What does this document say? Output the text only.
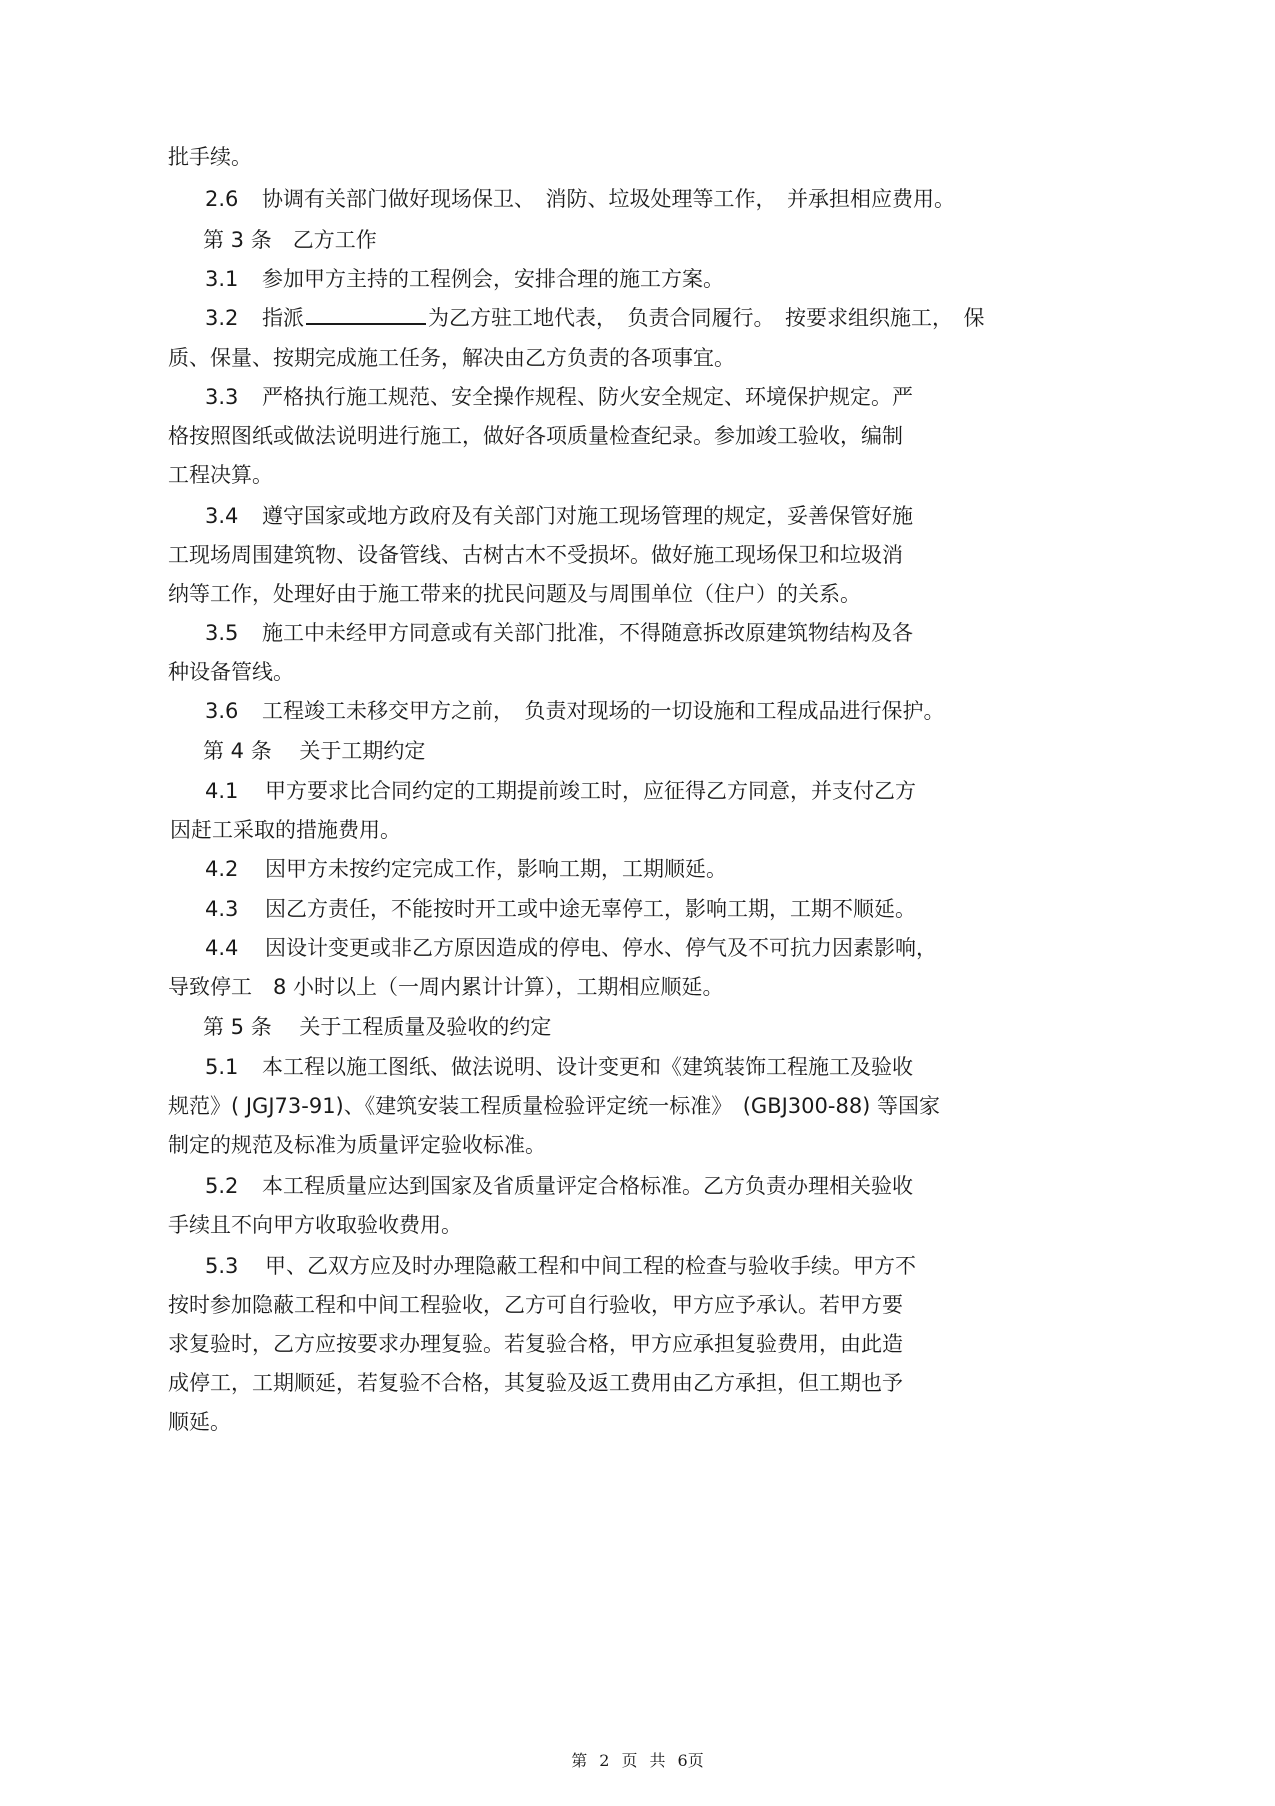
批手续。
2.6 协调有关部门做好现场保卫、　消防、垃圾处理等工作，　并承担相应费用。
第 3 条　乙方工作
3.1 参加甲方主持的工程例会，安排合理的施工方案。
3.2 指派	为乙方驻工地代表，　负责合同履行。　按要求组织施工，　保
质、保量、按期完成施工任务，解决由乙方负责的各项事宜。
3.3 严格执行施工规范、安全操作规程、防火安全规定、环境保护规定。严
格按照图纸或做法说明进行施工，做好各项质量检查纪录。参加竣工验收，编制
工程决算。
3.4 遵守国家或地方政府及有关部门对施工现场管理的规定，妥善保管好施
工现场周围建筑物、设备管线、古树古木不受损坏。做好施工现场保卫和垃圾消
纳等工作，处理好由于施工带来的扰民问题及与周围单位（住户）的关系。
3.5 施工中未经甲方同意或有关部门批准，不得随意拆改原建筑物结构及各
种设备管线。
3.6 工程竣工未移交甲方之前，　负责对现场的一切设施和工程成品进行保护。
第 4 条　 关于工期约定
4.1 甲方要求比合同约定的工期提前竣工时，应征得乙方同意，并支付乙方
因赶工采取的措施费用。
4.2 因甲方未按约定完成工作，影响工期，工期顺延。
4.3 因乙方责任，不能按时开工或中途无辜停工，影响工期，工期不顺延。
4.4 因设计变更或非乙方原因造成的停电、停水、停气及不可抗力因素影响，
导致停工　8 小时以上（一周内累计计算），工期相应顺延。
第 5 条　 关于工程质量及验收的约定
5.1 本工程以施工图纸、做法说明、设计变更和《建筑装饰工程施工及验收
规范》( JGJ73-91)、《建筑安装工程质量检验评定统一标准》　(GBJ300-88) 等国家
制定的规范及标准为质量评定验收标准。
5.2 本工程质量应达到国家及省质量评定合格标准。乙方负责办理相关验收
手续且不向甲方收取验收费用。
5.3 甲、乙双方应及时办理隐蔽工程和中间工程的检查与验收手续。甲方不
按时参加隐蔽工程和中间工程验收，乙方可自行验收，甲方应予承认。若甲方要
求复验时，乙方应按要求办理复验。若复验合格，甲方应承担复验费用，由此造
成停工，工期顺延，若复验不合格，其复验及返工费用由乙方承担，但工期也予
顺延。
第 2 页 共 6页
